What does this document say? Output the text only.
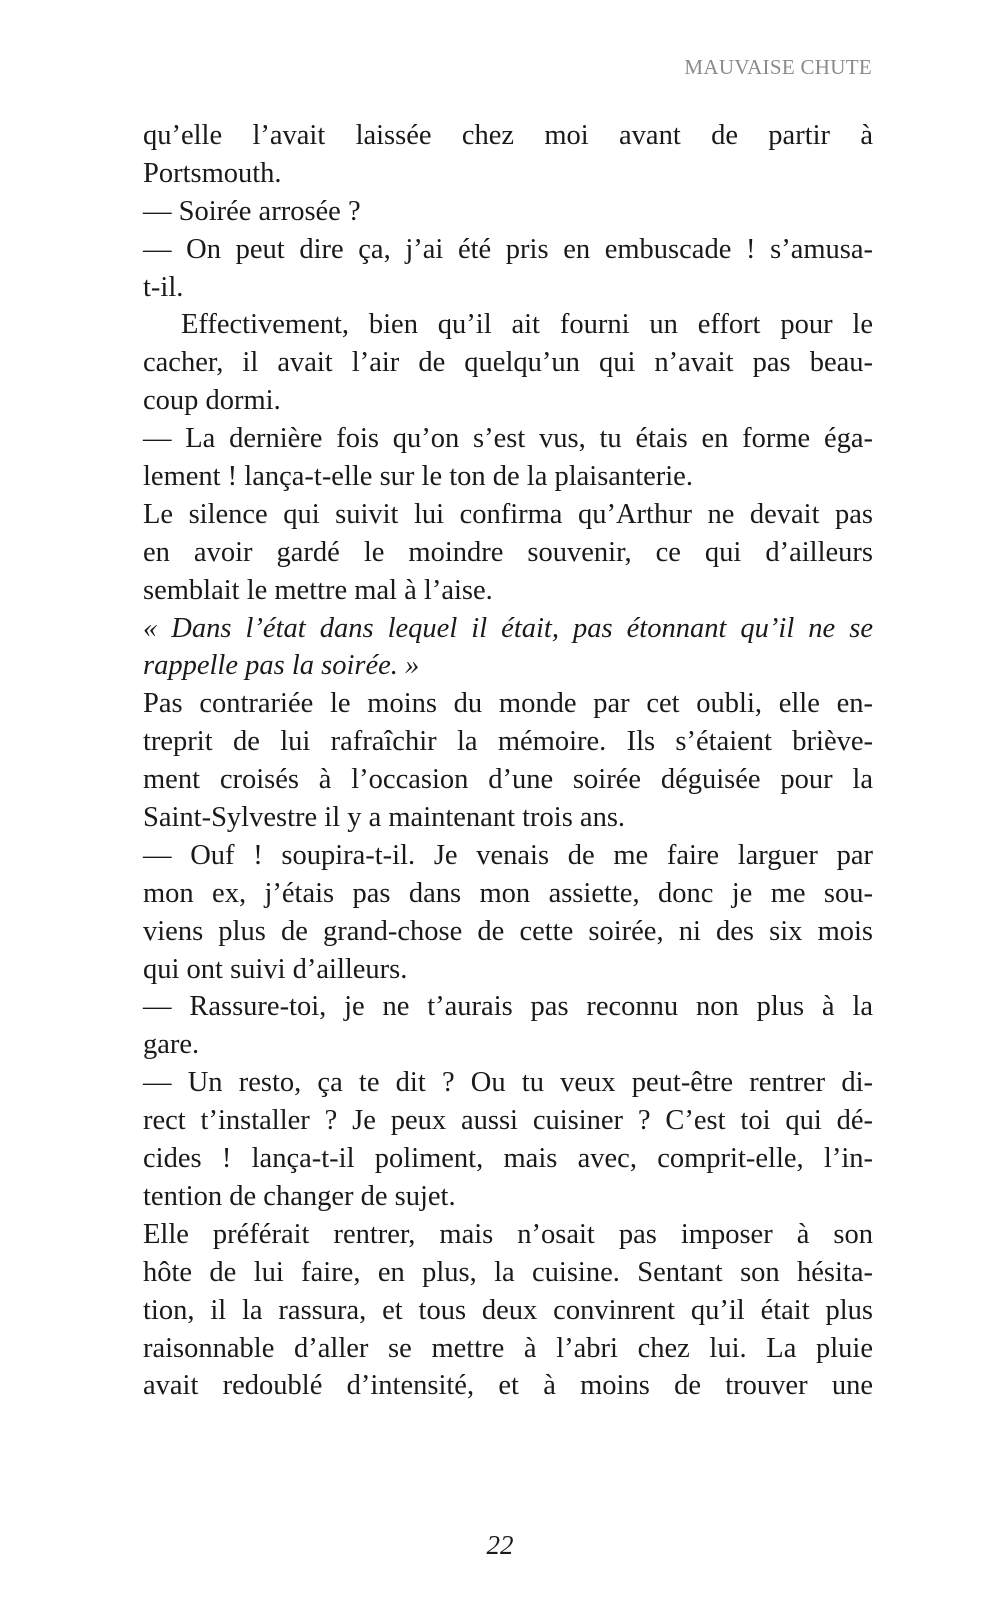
MAUVAISE CHUTE
qu’elle l’avait laissée chez moi avant de partir à
Portsmouth.
— Soirée arrosée ?
— On peut dire ça, j’ai été pris en embuscade ! s’amusa-
t-il.
Effectivement, bien qu’il ait fourni un effort pour le
cacher, il avait l’air de quelqu’un qui n’avait pas beau-
coup dormi.
— La dernière fois qu’on s’est vus, tu étais en forme éga-
lement ! lança-t-elle sur le ton de la plaisanterie.
Le silence qui suivit lui confirma qu’Arthur ne devait pas
en avoir gardé le moindre souvenir, ce qui d’ailleurs
semblait le mettre mal à l’aise.
« Dans l’état dans lequel il était, pas étonnant qu’il ne se
rappelle pas la soirée. »
Pas contrariée le moins du monde par cet oubli, elle en-
treprit de lui rafraîchir la mémoire. Ils s’étaient briève-
ment croisés à l’occasion d’une soirée déguisée pour la
Saint-Sylvestre il y a maintenant trois ans.
— Ouf ! soupira-t-il. Je venais de me faire larguer par
mon ex, j’étais pas dans mon assiette, donc je me sou-
viens plus de grand-chose de cette soirée, ni des six mois
qui ont suivi d’ailleurs.
— Rassure-toi, je ne t’aurais pas reconnu non plus à la
gare.
— Un resto, ça te dit ? Ou tu veux peut-être rentrer di-
rect t’installer ? Je peux aussi cuisiner ? C’est toi qui dé-
cides ! lança-t-il poliment, mais avec, comprit-elle, l’in-
tention de changer de sujet.
Elle préférait rentrer, mais n’osait pas imposer à son
hôte de lui faire, en plus, la cuisine. Sentant son hésita-
tion, il la rassura, et tous deux convinrent qu’il était plus
raisonnable d’aller se mettre à l’abri chez lui. La pluie
avait redoublé d’intensité, et à moins de trouver une
22
